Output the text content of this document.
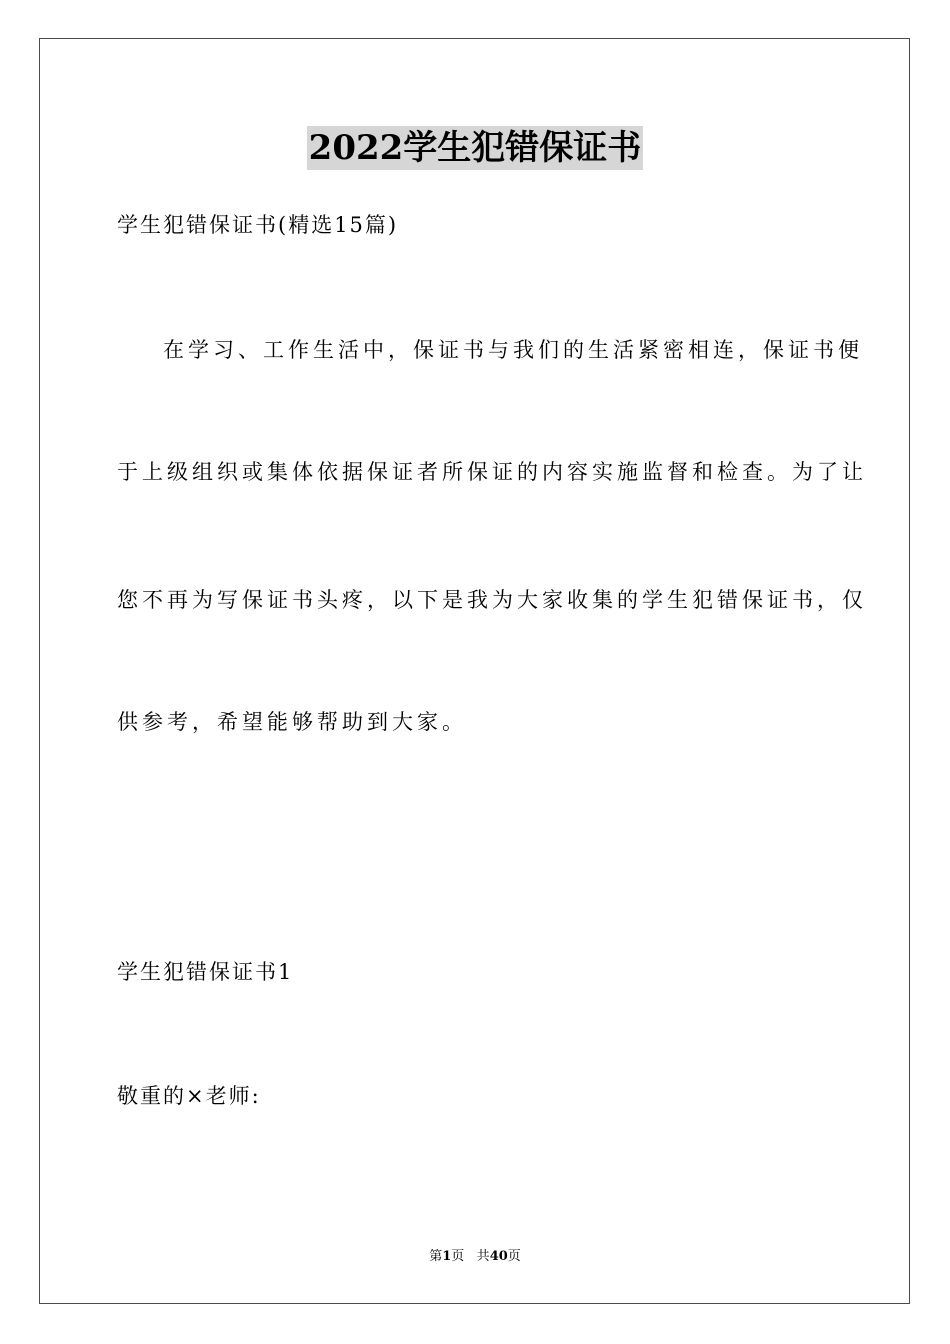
2022学生犯错保证书
学生犯错保证书(精选15篇)
在学习、工作生活中，保证书与我们的生活紧密相连，保证书便
于上级组织或集体依据保证者所保证的内容实施监督和检查。为了让
您不再为写保证书头疼，以下是我为大家收集的学生犯错保证书，仅
供参考，希望能够帮助到大家。
学生犯错保证书1
敬重的×老师:
第1页 共40页
